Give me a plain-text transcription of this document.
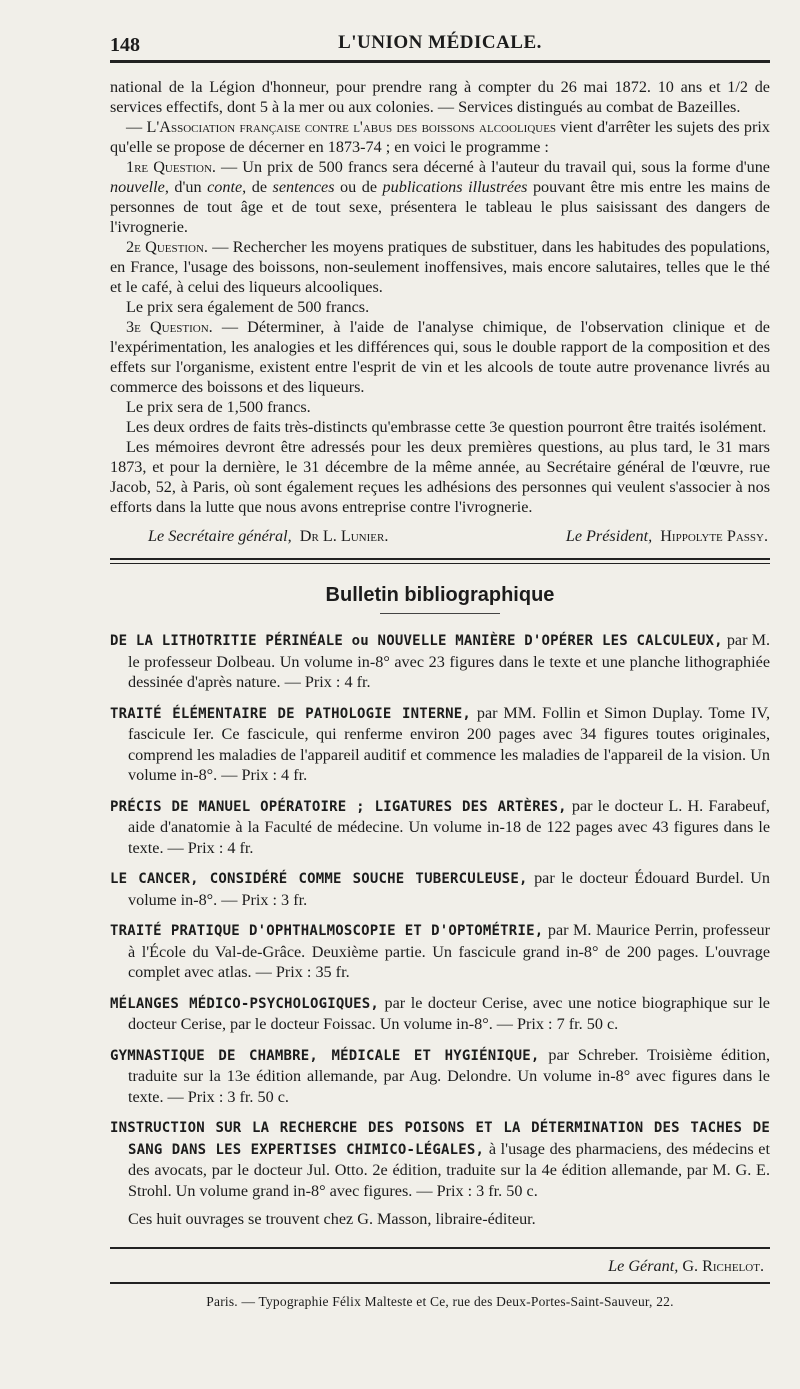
148	L'UNION MÉDICALE.

national de la Légion d'honneur, pour prendre rang à compter du 26 mai 1872. 10 ans et 1/2 de services effectifs, dont 5 à la mer ou aux colonies. — Services distingués au combat de Bazeilles.

— L'Association française contre l'abus des boissons alcooliques vient d'arrêter les sujets des prix qu'elle se propose de décerner en 1873-74 ; en voici le programme :

1re Question. — Un prix de 500 francs sera décerné à l'auteur du travail qui, sous la forme d'une nouvelle, d'un conte, de sentences ou de publications illustrées pouvant être mis entre les mains de personnes de tout âge et de tout sexe, présentera le tableau le plus saisissant des dangers de l'ivrognerie.

2e Question. — Rechercher les moyens pratiques de substituer, dans les habitudes des populations, en France, l'usage des boissons, non-seulement inoffensives, mais encore salutaires, telles que le thé et le café, à celui des liqueurs alcooliques.

Le prix sera également de 500 francs.

3e Question. — Déterminer, à l'aide de l'analyse chimique, de l'observation clinique et de l'expérimentation, les analogies et les différences qui, sous le double rapport de la composition et des effets sur l'organisme, existent entre l'esprit de vin et les alcools de toute autre provenance livrés au commerce des boissons et des liqueurs.

Le prix sera de 1,500 francs.

Les deux ordres de faits très-distincts qu'embrasse cette 3e question pourront être traités isolément.

Les mémoires devront être adressés pour les deux premières questions, au plus tard, le 31 mars 1873, et pour la dernière, le 31 décembre de la même année, au Secrétaire général de l'œuvre, rue Jacob, 52, à Paris, où sont également reçues les adhésions des personnes qui veulent s'associer à nos efforts dans la lutte que nous avons entreprise contre l'ivrognerie.

Le Secrétaire général, Dr L. Lunier.	Le Président, Hippolyte Passy.
Bulletin bibliographique

DE LA LITHOTRITIE PÉRINÉALE ou NOUVELLE MANIÈRE D'OPÉRER LES CALCULEUX, par M. le professeur Dolbeau. Un volume in-8° avec 23 figures dans le texte et une planche lithographiée dessinée d'après nature. — Prix : 4 fr.

TRAITÉ ÉLÉMENTAIRE DE PATHOLOGIE INTERNE, par MM. Follin et Simon Duplay. Tome IV, fascicule Ier. Ce fascicule, qui renferme environ 200 pages avec 34 figures toutes originales, comprend les maladies de l'appareil auditif et commence les maladies de l'appareil de la vision. Un volume in-8°. — Prix : 4 fr.

PRÉCIS DE MANUEL OPÉRATOIRE ; LIGATURES DES ARTÈRES, par le docteur L. H. Farabeuf, aide d'anatomie à la Faculté de médecine. Un volume in-18 de 122 pages avec 43 figures dans le texte. — Prix : 4 fr.

LE CANCER, CONSIDÉRÉ COMME SOUCHE TUBERCULEUSE, par le docteur Édouard Burdel. Un volume in-8°. — Prix : 3 fr.

TRAITÉ PRATIQUE D'OPHTHALMOSCOPIE ET D'OPTOMÉTRIE, par M. Maurice Perrin, professeur à l'École du Val-de-Grâce. Deuxième partie. Un fascicule grand in-8° de 200 pages. L'ouvrage complet avec atlas. — Prix : 35 fr.

MÉLANGES MÉDICO-PSYCHOLOGIQUES, par le docteur Cerise, avec une notice biographique sur le docteur Cerise, par le docteur Foissac. Un volume in-8°. — Prix : 7 fr. 50 c.

GYMNASTIQUE DE CHAMBRE, MÉDICALE ET HYGIÉNIQUE, par Schreber. Troisième édition, traduite sur la 13e édition allemande, par Aug. Delondre. Un volume in-8° avec figures dans le texte. — Prix : 3 fr. 50 c.

INSTRUCTION SUR LA RECHERCHE DES POISONS ET LA DÉTERMINATION DES TACHES DE SANG DANS LES EXPERTISES CHIMICO-LÉGALES, à l'usage des pharmaciens, des médecins et des avocats, par le docteur Jul. Otto. 2e édition, traduite sur la 4e édition allemande, par M. G. E. Strohl. Un volume grand in-8° avec figures. — Prix : 3 fr. 50 c.

Ces huit ouvrages se trouvent chez G. Masson, libraire-éditeur.

Le Gérant, G. Richelot.
Paris. — Typographie Félix Malteste et Ce, rue des Deux-Portes-Saint-Sauveur, 22.
